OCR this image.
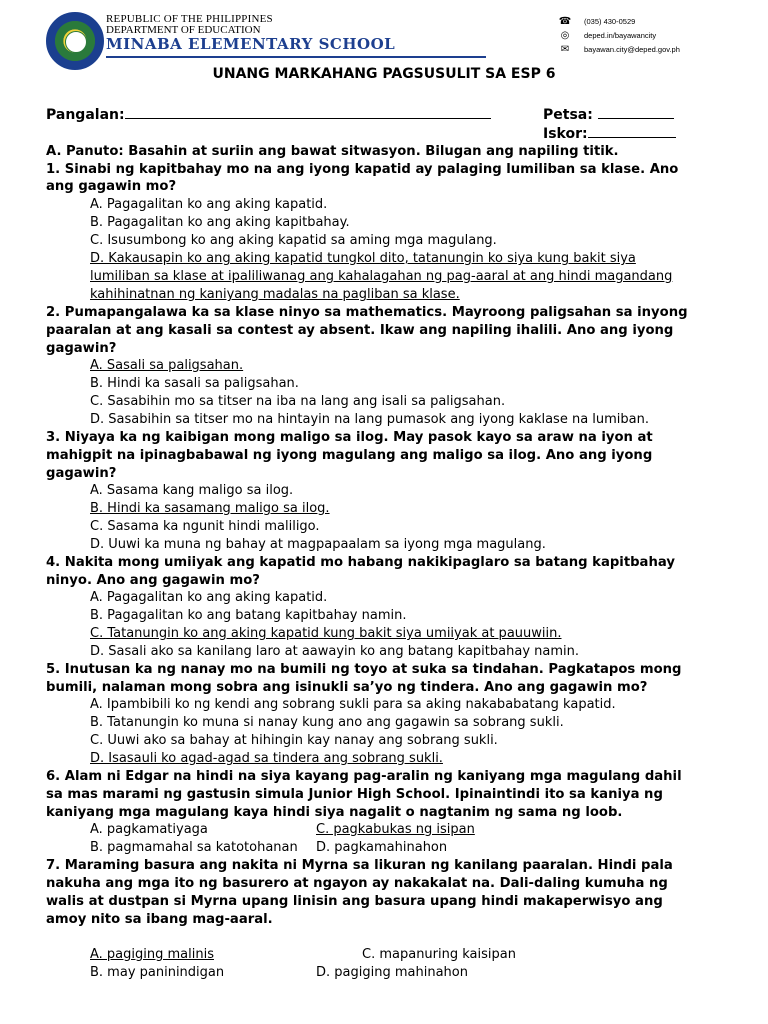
REPUBLIC OF THE PHILIPPINES
DEPARTMENT OF EDUCATION
MINABA ELEMENTARY SCHOOL
☎ (035) 430-0529
◎	deped.in/bayawancity
✉	bayawan.city@deped.gov.ph
UNANG MARKAHANG PAGSUSULIT SA ESP 6
Pangalan:	Petsa:
Iskor:
A. Panuto: Basahin at suriin ang bawat sitwasyon. Bilugan ang napiling titik.
1. Sinabi ng kapitbahay mo na ang iyong kapatid ay palaging lumiliban sa klase. Ano
ang gagawin mo?
A. Pagagalitan ko ang aking kapatid.
B. Pagagalitan ko ang aking kapitbahay.
C. Isusumbong ko ang aking kapatid sa aming mga magulang.
D. Kakausapin ko ang aking kapatid tungkol dito, tatanungin ko siya kung bakit siya
lumiliban sa klase at ipaliliwanag ang kahalagahan ng pag-aaral at ang hindi magandang
kahihinatnan ng kaniyang madalas na pagliban sa klase.
2. Pumapangalawa ka sa klase ninyo sa mathematics. Mayroong paligsahan sa inyong
paaralan at ang kasali sa contest ay absent. Ikaw ang napiling ihalili. Ano ang iyong
gagawin?
A. Sasali sa paligsahan.
B. Hindi ka sasali sa paligsahan.
C. Sasabihin mo sa titser na iba na lang ang isali sa paligsahan.
D. Sasabihin sa titser mo na hintayin na lang pumasok ang iyong kaklase na lumiban.
3. Niyaya ka ng kaibigan mong maligo sa ilog. May pasok kayo sa araw na iyon at
mahigpit na ipinagbabawal ng iyong magulang ang maligo sa ilog. Ano ang iyong
gagawin?
A. Sasama kang maligo sa ilog.
B. Hindi ka sasamang maligo sa ilog.
C. Sasama ka ngunit hindi maliligo.
D. Uuwi ka muna ng bahay at magpapaalam sa iyong mga magulang.
4. Nakita mong umiiyak ang kapatid mo habang nakikipaglaro sa batang kapitbahay
ninyo. Ano ang gagawin mo?
A. Pagagalitan ko ang aking kapatid.
B. Pagagalitan ko ang batang kapitbahay namin.
C. Tatanungin ko ang aking kapatid kung bakit siya umiiyak at pauuwiin.
D. Sasali ako sa kanilang laro at aawayin ko ang batang kapitbahay namin.
5. Inutusan ka ng nanay mo na bumili ng toyo at suka sa tindahan. Pagkatapos mong
bumili, nalaman mong sobra ang isinukli sa’yo ng tindera. Ano ang gagawin mo?
A. Ipambibili ko ng kendi ang sobrang sukli para sa aking nakababatang kapatid.
B. Tatanungin ko muna si nanay kung ano ang gagawin sa sobrang sukli.
C. Uuwi ako sa bahay at hihingin kay nanay ang sobrang sukli.
D. Isasauli ko agad-agad sa tindera ang sobrang sukli.
6. Alam ni Edgar na hindi na siya kayang pag-aralin ng kaniyang mga magulang dahil
sa mas marami ng gastusin simula Junior High School. Ipinaintindi ito sa kaniya ng
kaniyang mga magulang kaya hindi siya nagalit o nagtanim ng sama ng loob.
A. pagkamatiyaga	C. pagkabukas ng isipan
B. pagmamahal sa katotohanan D. pagkamahinahon
7. Maraming basura ang nakita ni Myrna sa likuran ng kanilang paaralan. Hindi pala
nakuha ang mga ito ng basurero at ngayon ay nakakalat na. Dali-daling kumuha ng
walis at dustpan si Myrna upang linisin ang basura upang hindi makaperwisyo ang
amoy nito sa ibang mag-aaral.
A. pagiging malinis	C. mapanuring kaisipan
B. may paninindigan	D. pagiging mahinahon
